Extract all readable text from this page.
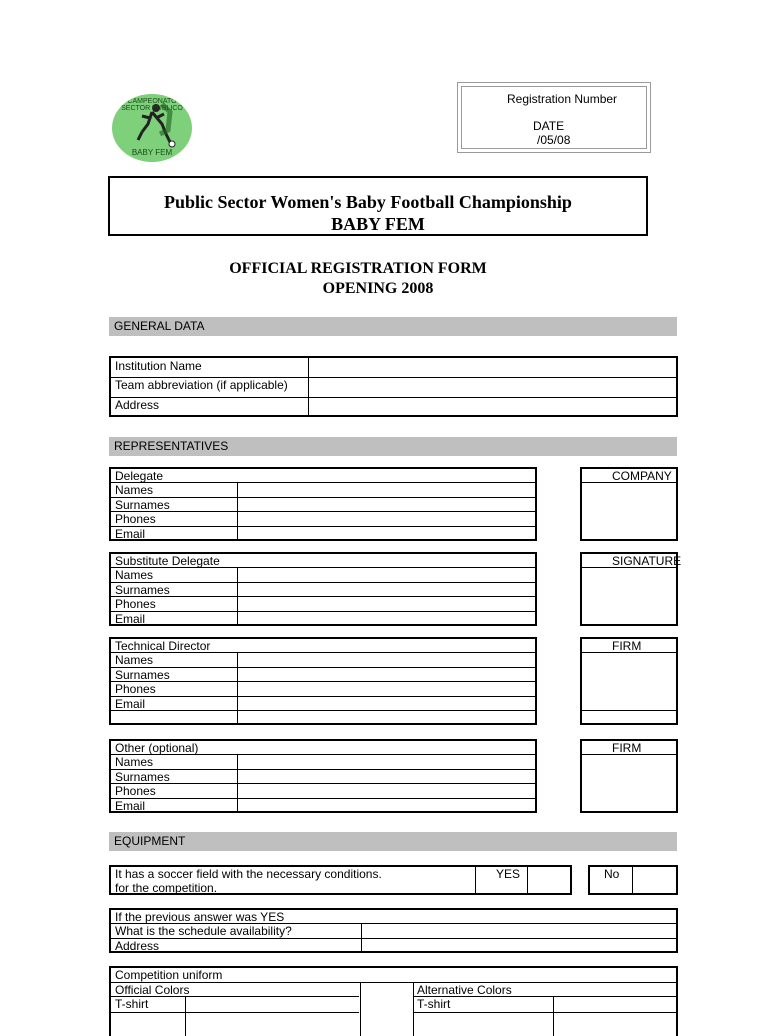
CAMPEONATO SECTOR PUBLICO
BABY FEM
Registration Number
DATE
/05/08
Public Sector Women's Baby Football Championship
BABY FEM
OFFICIAL REGISTRATION FORM
OPENING 2008
GENERAL DATA
Institution Name
Team abbreviation (if applicable)
Address
REPRESENTATIVES
Delegate
Names
Surnames
Phones
Email
COMPANY
Substitute Delegate
Names
Surnames
Phones
Email
SIGNATURE
Technical Director
Names
Surnames
Phones
Email
FIRM
Other (optional)
Names
Surnames
Phones
Email
FIRM
EQUIPMENT
It has a soccer field with the necessary conditions.
for the competition.
YES	No
If the previous answer was YES
What is the schedule availability?
Address
Competition uniform
Official Colors	Alternative Colors
T-shirt	T-shirt
